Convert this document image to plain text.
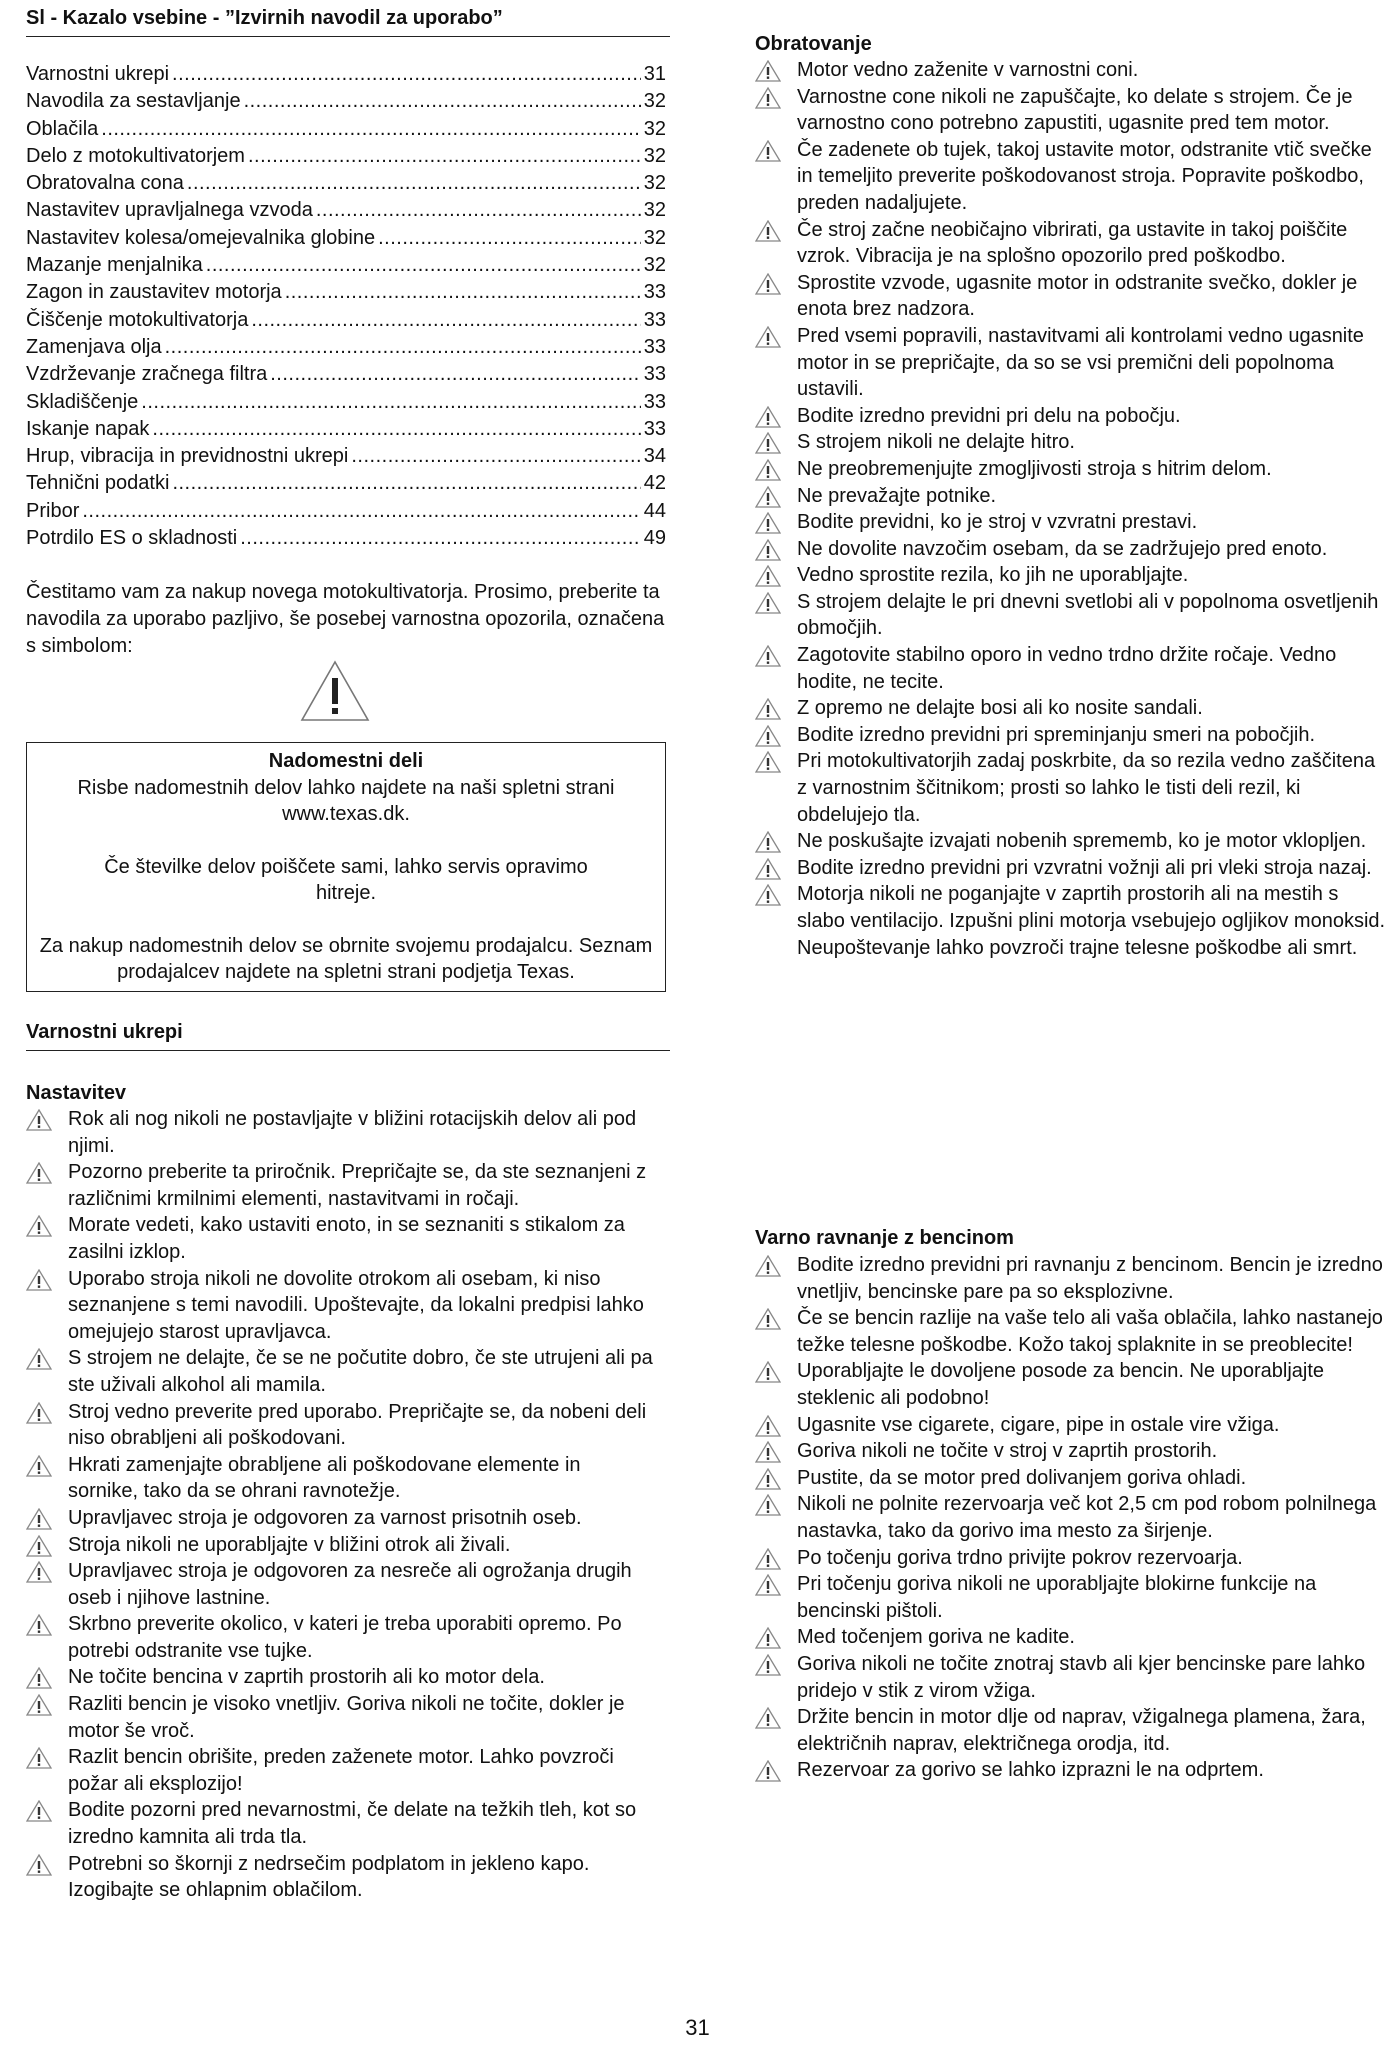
Sl - Kazalo vsebine - ”Izvirnih navodil za uporabo”
Varnostni ukrepi .....	31
Navodila za sestavljanje .....	32
Oblačila .....	32
Delo z motokultivatorjem .....	32
Obratovalna cona .....	32
Nastavitev upravljalnega vzvoda .....	32
Nastavitev kolesa/omejevalnika globine .....	32
Mazanje menjalnika .....	32
Zagon in zaustavitev motorja .....	33
Čiščenje motokultivatorja .....	33
Zamenjava olja .....	33
Vzdrževanje zračnega filtra .....	33
Skladiščenje .....	33
Iskanje napak .....	33
Hrup, vibracija in previdnostni ukrepi .....	34
Tehnični podatki .....	42
Pribor .....	44
Potrdilo ES o skladnosti .....	49
Čestitamo vam za nakup novega motokultivatorja. Prosimo, preberite ta navodila za uporabo pazljivo, še posebej varnostna opozorila, označena s simbolom:

Nadomestni deli

Risbe nadomestnih delov lahko najdete na naši spletni strani www.texas.dk.

Če številke delov poiščete sami, lahko servis opravimo hitreje.

Za nakup nadomestnih delov se obrnite svojemu prodajalcu. Seznam prodajalcev najdete na spletni strani podjetja Texas.

Varnostni ukrepi
Nastavitev
Rok ali nog nikoli ne postavljajte v bližini rotacijskih delov ali pod njimi.
Pozorno preberite ta priročnik. Prepričajte se, da ste seznanjeni z različnimi krmilnimi elementi, nastavitvami in ročaji.
Morate vedeti, kako ustaviti enoto, in se seznaniti s stikalom za zasilni izklop.
Uporabo stroja nikoli ne dovolite otrokom ali osebam, ki niso seznanjene s temi navodili. Upoštevajte, da lokalni predpisi lahko omejujejo starost upravljavca.
S strojem ne delajte, če se ne počutite dobro, če ste utrujeni ali pa ste uživali alkohol ali mamila.
Stroj vedno preverite pred uporabo. Prepričajte se, da nobeni deli niso obrabljeni ali poškodovani.
Hkrati zamenjajte obrabljene ali poškodovane elemente in sornike, tako da se ohrani ravnotežje.
Upravljavec stroja je odgovoren za varnost prisotnih oseb.
Stroja nikoli ne uporabljajte v bližini otrok ali živali.
Upravljavec stroja je odgovoren za nesreče ali ogrožanja drugih oseb i njihove lastnine.
Skrbno preverite okolico, v kateri je treba uporabiti opremo. Po potrebi odstranite vse tujke.
Ne točite bencina v zaprtih prostorih ali ko motor dela.
Razliti bencin je visoko vnetljiv. Goriva nikoli ne točite, dokler je motor še vroč.
Razlit bencin obrišite, preden zaženete motor. Lahko povzroči požar ali eksplozijo!
Bodite pozorni pred nevarnostmi, če delate na težkih tleh, kot so izredno kamnita ali trda tla.
Potrebni so škornji z nedrsečim podplatom in jekleno kapo. Izogibajte se ohlapnim oblačilom.
Obratovanje
Motor vedno zaženite v varnostni coni.
Varnostne cone nikoli ne zapuščajte, ko delate s strojem. Če je varnostno cono potrebno zapustiti, ugasnite pred tem motor.
Če zadenete ob tujek, takoj ustavite motor, odstranite vtič svečke in temeljito preverite poškodovanost stroja. Popravite poškodbo, preden nadaljujete.
Če stroj začne neobičajno vibrirati, ga ustavite in takoj poiščite vzrok. Vibracija je na splošno opozorilo pred poškodbo.
Sprostite vzvode, ugasnite motor in odstranite svečko, dokler je enota brez nadzora.
Pred vsemi popravili, nastavitvami ali kontrolami vedno ugasnite motor in se prepričajte, da so se vsi premični deli popolnoma ustavili.
Bodite izredno previdni pri delu na pobočju.
S strojem nikoli ne delajte hitro.
Ne preobremenjujte zmogljivosti stroja s hitrim delom.
Ne prevažajte potnike.
Bodite previdni, ko je stroj v vzvratni prestavi.
Ne dovolite navzočim osebam, da se zadržujejo pred enoto.
Vedno sprostite rezila, ko jih ne uporabljajte.
S strojem delajte le pri dnevni svetlobi ali v popolnoma osvetljenih območjih.
Zagotovite stabilno oporo in vedno trdno držite ročaje. Vedno hodite, ne tecite.
Z opremo ne delajte bosi ali ko nosite sandali.
Bodite izredno previdni pri spreminjanju smeri na pobočjih.
Pri motokultivatorjih zadaj poskrbite, da so rezila vedno zaščitena z varnostnim ščitnikom; prosti so lahko le tisti deli rezil, ki obdelujejo tla.
Ne poskušajte izvajati nobenih sprememb, ko je motor vklopljen.
Bodite izredno previdni pri vzvratni vožnji ali pri vleki stroja nazaj.
Motorja nikoli ne poganjajte v zaprtih prostorih ali na mestih s slabo ventilacijo. Izpušni plini motorja vsebujejo ogljikov monoksid. Neupoštevanje lahko povzroči trajne telesne poškodbe ali smrt.
Varno ravnanje z bencinom
Bodite izredno previdni pri ravnanju z bencinom. Bencin je izredno vnetljiv, bencinske pare pa so eksplozivne.
Če se bencin razlije na vaše telo ali vaša oblačila, lahko nastanejo težke telesne poškodbe. Kožo takoj splaknite in se preoblecite!
Uporabljajte le dovoljene posode za bencin. Ne uporabljajte steklenic ali podobno!
Ugasnite vse cigarete, cigare, pipe in ostale vire vžiga.
Goriva nikoli ne točite v stroj v zaprtih prostorih.
Pustite, da se motor pred dolivanjem goriva ohladi.
Nikoli ne polnite rezervoarja več kot 2,5 cm pod robom polnilnega nastavka, tako da gorivo ima mesto za širjenje.
Po točenju goriva trdno privijte pokrov rezervoarja.
Pri točenju goriva nikoli ne uporabljajte blokirne funkcije na bencinski pištoli.
Med točenjem goriva ne kadite.
Goriva nikoli ne točite znotraj stavb ali kjer bencinske pare lahko pridejo v stik z virom vžiga.
Držite bencin in motor dlje od naprav, vžigalnega plamena, žara, električnih naprav, električnega orodja, itd.
Rezervoar za gorivo se lahko izprazni le na odprtem.
31
